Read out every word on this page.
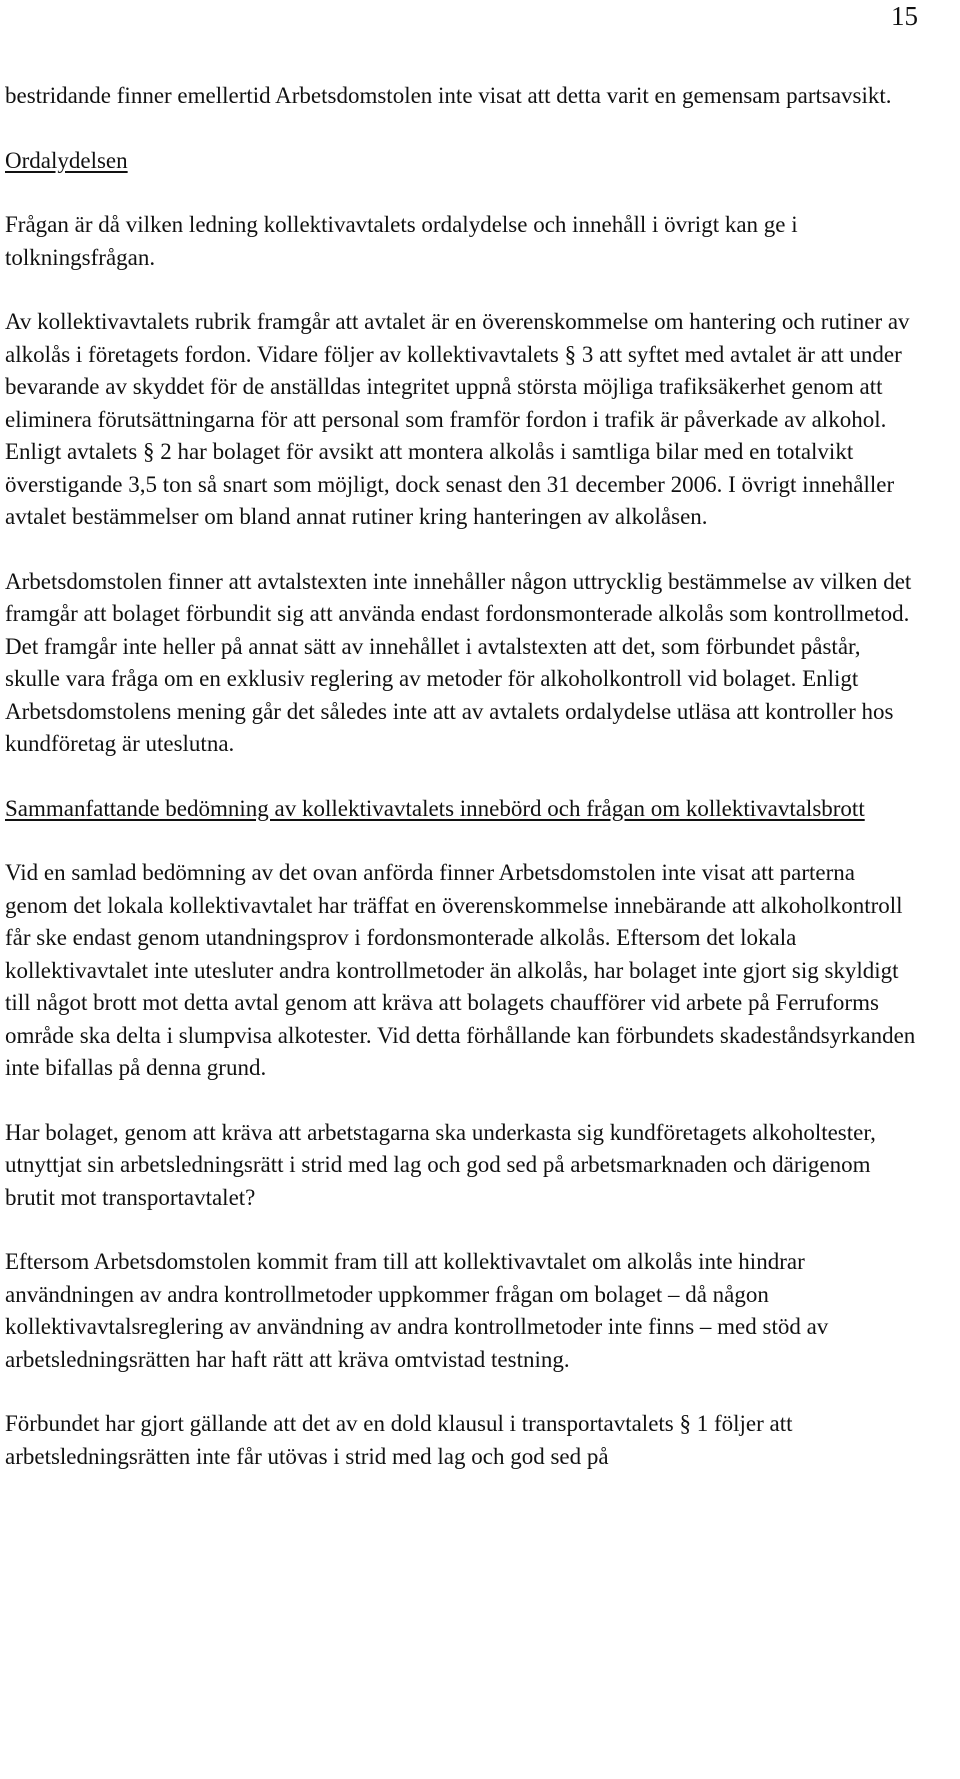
15

bestridande finner emellertid Arbetsdomstolen inte visat att detta varit en gemensam partsavsikt.

Ordalydelsen

Frågan är då vilken ledning kollektivavtalets ordalydelse och innehåll i övrigt kan ge i tolkningsfrågan.

Av kollektivavtalets rubrik framgår att avtalet är en överenskommelse om hantering och rutiner av alkolås i företagets fordon. Vidare följer av kollektivavtalets § 3 att syftet med avtalet är att under bevarande av skyddet för de anställdas integritet uppnå största möjliga trafiksäkerhet genom att eliminera förutsättningarna för att personal som framför fordon i trafik är påverkade av alkohol. Enligt avtalets § 2 har bolaget för avsikt att montera alkolås i samtliga bilar med en totalvikt överstigande 3,5 ton så snart som möjligt, dock senast den 31 december 2006. I övrigt innehåller avtalet bestämmelser om bland annat rutiner kring hanteringen av alkolåsen.

Arbetsdomstolen finner att avtalstexten inte innehåller någon uttrycklig bestämmelse av vilken det framgår att bolaget förbundit sig att använda endast fordonsmonterade alkolås som kontrollmetod. Det framgår inte heller på annat sätt av innehållet i avtalstexten att det, som förbundet påstår, skulle vara fråga om en exklusiv reglering av metoder för alkoholkontroll vid bolaget. Enligt Arbetsdomstolens mening går det således inte att av avtalets ordalydelse utläsa att kontroller hos kundföretag är uteslutna.

Sammanfattande bedömning av kollektivavtalets innebörd och frågan om kollektivavtalsbrott

Vid en samlad bedömning av det ovan anförda finner Arbetsdomstolen inte visat att parterna genom det lokala kollektivavtalet har träffat en överenskommelse innebärande att alkoholkontroll får ske endast genom utandningsprov i fordonsmonterade alkolås. Eftersom det lokala kollektivavtalet inte utesluter andra kontrollmetoder än alkolås, har bolaget inte gjort sig skyldigt till något brott mot detta avtal genom att kräva att bolagets chaufförer vid arbete på Ferruforms område ska delta i slumpvisa alkotester. Vid detta förhållande kan förbundets skadeståndsyrkanden inte bifallas på denna grund.

Har bolaget, genom att kräva att arbetstagarna ska underkasta sig kundföretagets alkoholtester, utnyttjat sin arbetsledningsrätt i strid med lag och god sed på arbetsmarknaden och därigenom brutit mot transportavtalet?

Eftersom Arbetsdomstolen kommit fram till att kollektivavtalet om alkolås inte hindrar användningen av andra kontrollmetoder uppkommer frågan om bolaget – då någon kollektivavtalsreglering av användning av andra kontrollmetoder inte finns – med stöd av arbetsledningsrätten har haft rätt att kräva omtvistad testning.

Förbundet har gjort gällande att det av en dold klausul i transportavtalets § 1 följer att arbetsledningsrätten inte får utövas i strid med lag och god sed på
